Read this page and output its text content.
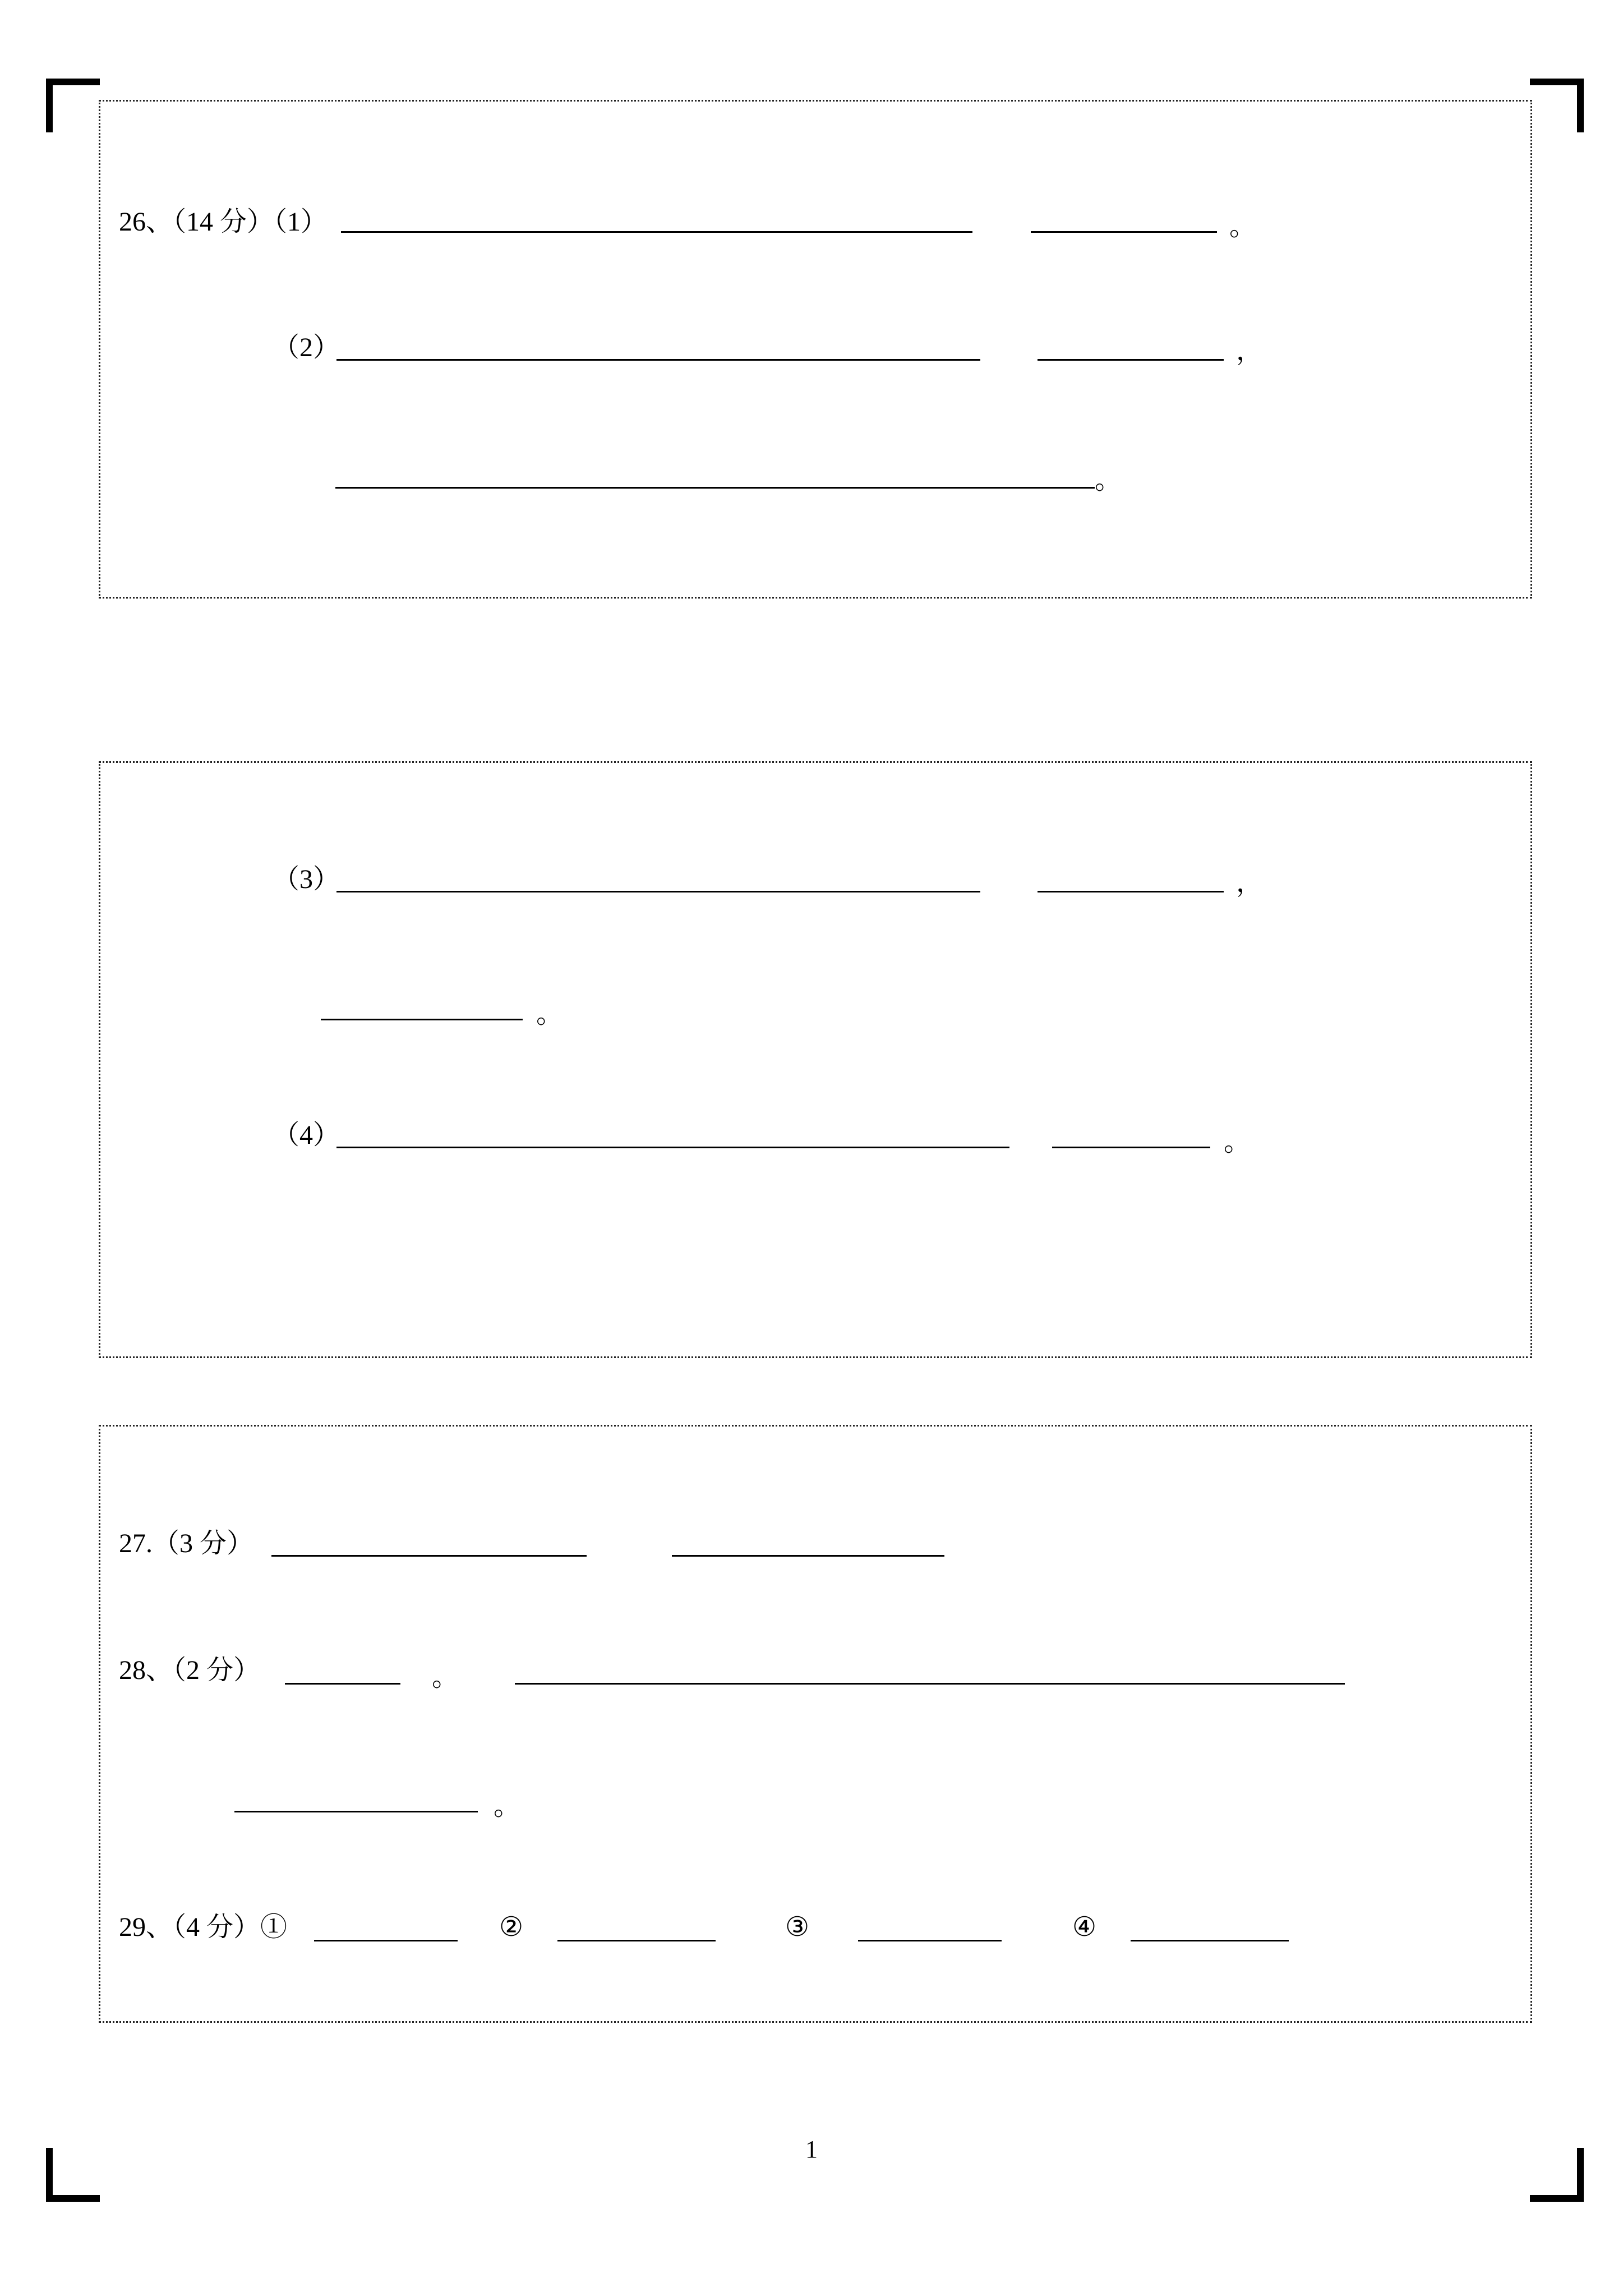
26、（14 分）（1）	。
（2）	，
。
（3）	，
。
（4）	。
27.（3 分）
28、（2 分）	。
。
29、（4 分）①	②	③	④
1
